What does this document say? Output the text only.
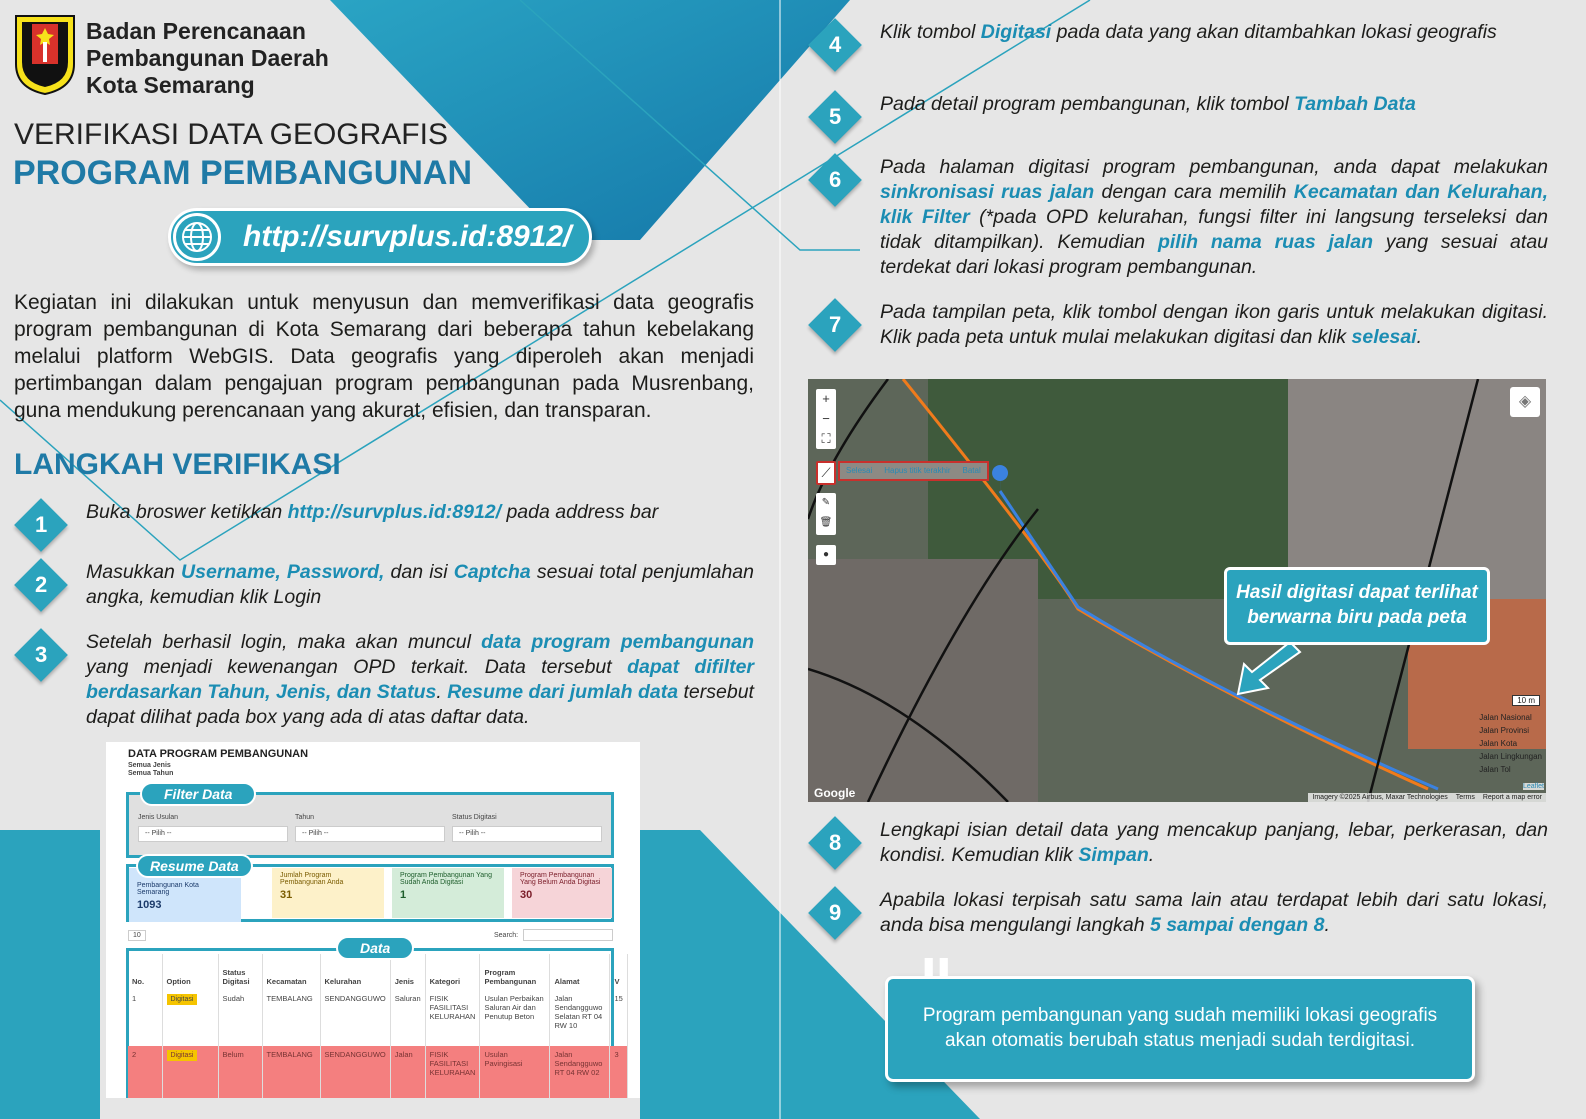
Badan Perencanaan
Pembangunan Daerah
Kota Semarang
VERIFIKASI DATA GEOGRAFIS
PROGRAM PEMBANGUNAN
http://survplus.id:8912/
Kegiatan ini dilakukan untuk menyusun dan memverifikasi data geografis program pembangunan di Kota Semarang dari beberapa tahun kebelakang melalui platform WebGIS. Data geografis yang diperoleh akan menjadi pertimbangan dalam pengajuan program pembangunan pada Musrenbang, guna mendukung perencanaan yang akurat, efisien, dan transparan.
LANGKAH VERIFIKASI
1 Buka broswer ketikkan http://survplus.id:8912/ pada address bar

2 Masukkan Username, Password, dan isi Captcha sesuai total penjumlahan angka, kemudian klik Login

3 Setelah berhasil login, maka akan muncul data program pembangunan yang menjadi kewenangan OPD terkait. Data tersebut dapat difilter berdasarkan Tahun, Jenis, dan Status. Resume dari jumlah data tersebut dapat dilihat pada box yang ada di atas daftar data.

4 Klik tombol Digitasi pada data yang akan ditambahkan lokasi geografis

5 Pada detail program pembangunan, klik tombol Tambah Data

6 Pada halaman digitasi program pembangunan, anda dapat melakukan sinkronisasi ruas jalan dengan cara memilih Kecamatan dan Kelurahan, klik Filter (*pada OPD kelurahan, fungsi filter ini langsung terseleksi dan tidak ditampilkan). Kemudian pilih nama ruas jalan yang sesuai atau terdekat dari lokasi program pembangunan.

7 Pada tampilan peta, klik tombol dengan ikon garis untuk melakukan digitasi. Klik pada peta untuk mulai melakukan digitasi dan klik selesai.

8 Lengkapi isian detail data yang mencakup panjang, lebar, perkerasan, dan kondisi. Kemudian klik Simpan.

9 Apabila lokasi terpisah satu sama lain atau terdapat lebih dari satu lokasi, anda bisa mengulangi langkah 5 sampai dengan 8.

DATA PROGRAM PEMBANGUNAN
Semua Jenis
Semua Tahun
Jenis Usulan	Tahun	Status Digitasi
-- Pilih --	-- Pilih --	-- Pilih --
Filter Data
Pembangunan Kota Semarang
1093
Jumlah Program Pembangunan Anda
31
Program Pembangunan Yang Sudah Anda Digitasi
1
Program Pembangunan Yang Belum Anda Digitasi
30
Resume Data
10	Search:
No.	Option	Status Digitasi	Kecamatan	Kelurahan	Jenis	Kategori	Program Pembangunan	Alamat	V
1	Digitasi	Sudah	TEMBALANG	SENDANGGUWO	Saluran	FISIK FASILITASI KELURAHAN	Usulan Perbaikan Saluran Air dan Penutup Beton	Jalan Sendangguwo Selatan RT 04 RW 10	15
2	Digitasi	Belum	TEMBALANG	SENDANGGUWO	Jalan	FISIK FASILITASI KELURAHAN	Usulan Pavingisasi	Jalan Sendangguwo RT 04 RW 02	3
Data
+
−
⛶
⟋	Selesai	Hapus titik terakhir	Batal
✎
🗑
●
◈
10 m
Jalan Nasional
Jalan Provinsi
Jalan Kota
Jalan Lingkungan
Jalan Tol
Google	Imagery ©2025 Airbus, Maxar Technologies Terms Report a map error
Leaflet
Hasil digitasi dapat terlihat berwarna biru pada peta
Program pembangunan yang sudah memiliki lokasi geografis akan otomatis berubah status menjadi sudah terdigitasi.
"
